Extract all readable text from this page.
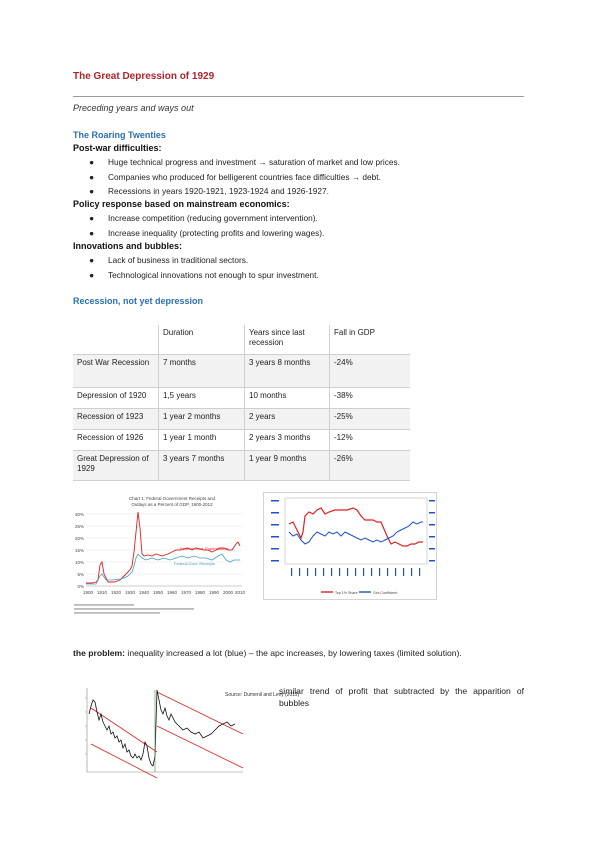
The Great Depression of 1929
Preceding years and ways out
The Roaring Twenties
Post-war difficulties:
● Huge technical progress and investment → saturation of market and low prices.
● Companies who produced for belligerent countries face difficulties → debt.
● Recessions in years 1920-1921, 1923-1924 and 1926-1927.
Policy response based on mainstream economics:
● Increase competition (reducing government intervention).
● Increase inequality (protecting profits and lowering wages).
Innovations and bubbles:
● Lack of business in traditional sectors.
● Technological innovations not enough to spur investment.
Recession, not yet depression
	Duration	Years since last recession	Fall in GDP
Post War Recession	7 months	3 years 8 months	-24%
Depression of 1920	1,5 years	10 months	-38%
Recession of 1923	1 year 2 months	2 years	-25%
Recession of 1926	1 year 1 month	2 years 3 months	-12%
Great Depression of 1929	3 years 7 months	1 year 9 months	-26%
Chart 1: Federal Government Receipts and
Outlays as a Percent of GDP, 1900-2012
30%
25%
20%
15%
10%
5%
0%
1900 1910 1920 1930 1940 1950 1960 1970 1980 1990 2000 2010
Federal Govt. Expenditures
Federal Govt. Receipts
Top 1% Share	Gini Coefficient
the problem: inequality increased a lot (blue) – the apc increases, by lowering taxes (limited solution).
Source: Dumenil and Levy (2011)
similar trend of profit that subtracted by the apparition of bubbles
